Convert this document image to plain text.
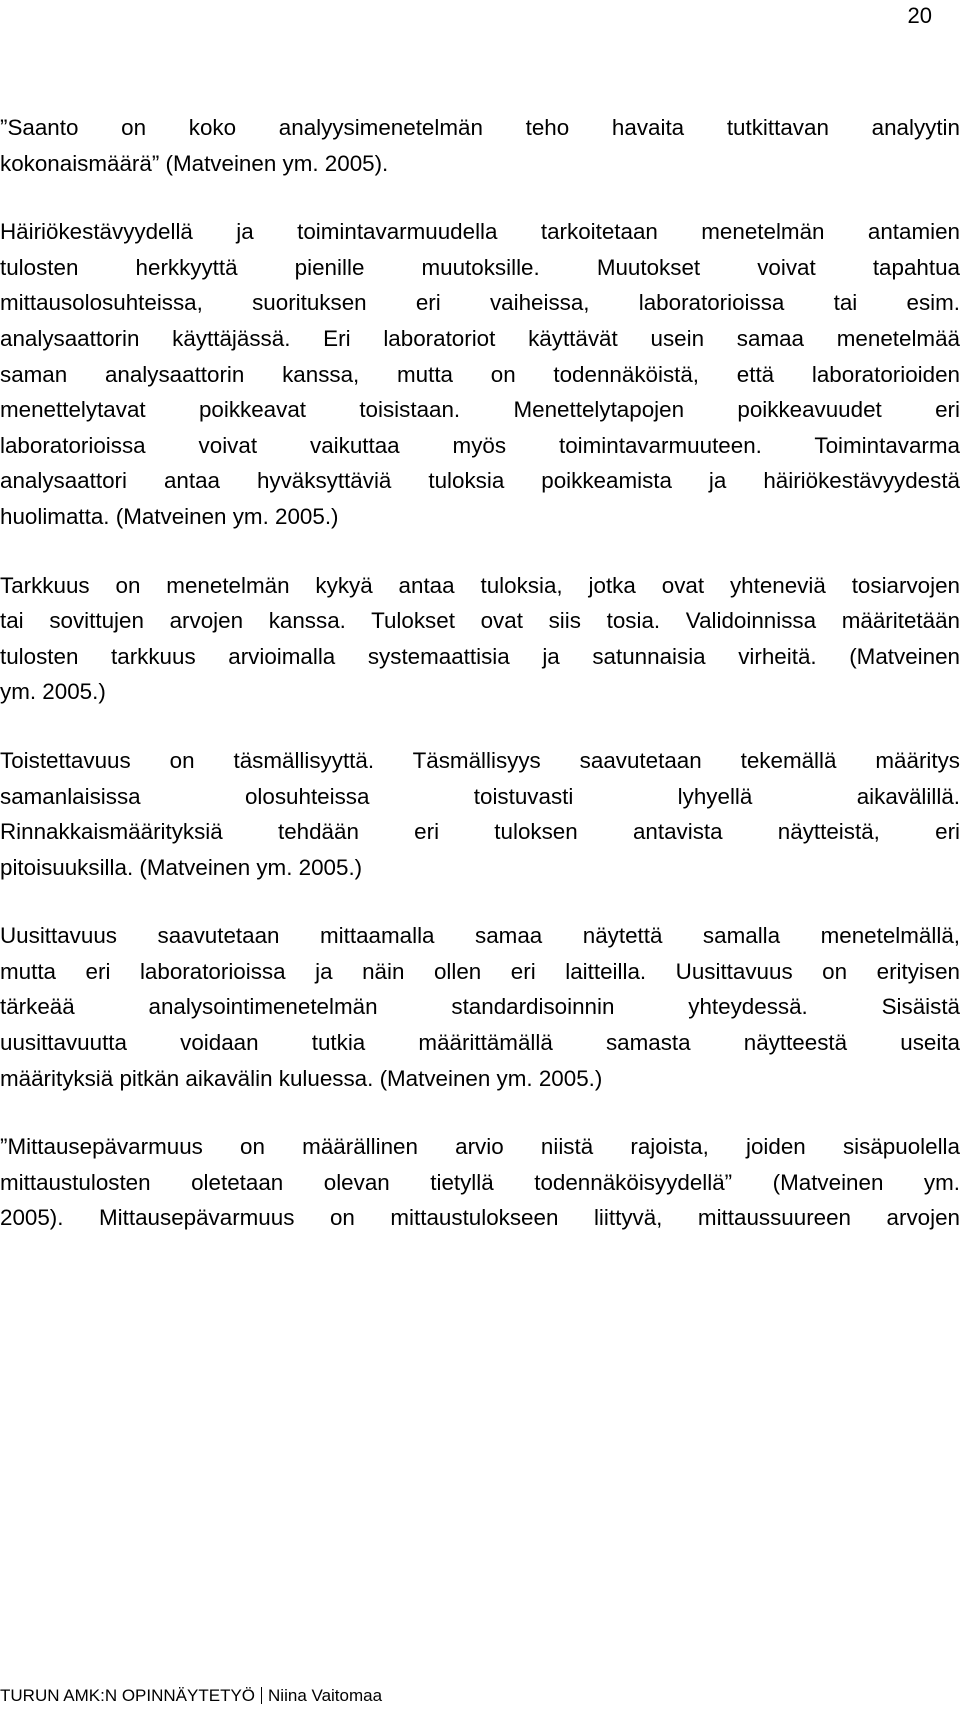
20

”Saanto on koko analyysimenetelmän teho havaita tutkittavan analyytin
kokonaismäärä” (Matveinen ym. 2005).

Häiriökestävyydellä ja toimintavarmuudella tarkoitetaan menetelmän antamien
tulosten herkkyyttä pienille muutoksille. Muutokset voivat tapahtua
mittausolosuhteissa, suorituksen eri vaiheissa, laboratorioissa tai esim.
analysaattorin käyttäjässä. Eri laboratoriot käyttävät usein samaa menetelmää
saman analysaattorin kanssa, mutta on todennäköistä, että laboratorioiden
menettelytavat poikkeavat toisistaan. Menettelytapojen poikkeavuudet eri
laboratorioissa voivat vaikuttaa myös toimintavarmuuteen. Toimintavarma
analysaattori antaa hyväksyttäviä tuloksia poikkeamista ja häiriökestävyydestä
huolimatta. (Matveinen ym. 2005.)

Tarkkuus on menetelmän kykyä antaa tuloksia, jotka ovat yhteneviä tosiarvojen
tai sovittujen arvojen kanssa. Tulokset ovat siis tosia. Validoinnissa määritetään
tulosten tarkkuus arvioimalla systemaattisia ja satunnaisia virheitä. (Matveinen
ym. 2005.)

Toistettavuus on täsmällisyyttä. Täsmällisyys saavutetaan tekemällä määritys
samanlaisissa olosuhteissa toistuvasti lyhyellä aikavälillä.
Rinnakkaismäärityksiä tehdään eri tuloksen antavista näytteistä, eri
pitoisuuksilla. (Matveinen ym. 2005.)

Uusittavuus saavutetaan mittaamalla samaa näytettä samalla menetelmällä,
mutta eri laboratorioissa ja näin ollen eri laitteilla. Uusittavuus on erityisen
tärkeää analysointimenetelmän standardisoinnin yhteydessä. Sisäistä
uusittavuutta voidaan tutkia määrittämällä samasta näytteestä useita
määrityksiä pitkän aikavälin kuluessa. (Matveinen ym. 2005.)

”Mittausepävarmuus on määrällinen arvio niistä rajoista, joiden sisäpuolella
mittaustulosten oletetaan olevan tietyllä todennäköisyydellä” (Matveinen ym.
2005). Mittausepävarmuus on mittaustulokseen liittyvä, mittaussuureen arvojen

TURUN AMK:N OPINNÄYTETYÖ Niina Vaitomaa
